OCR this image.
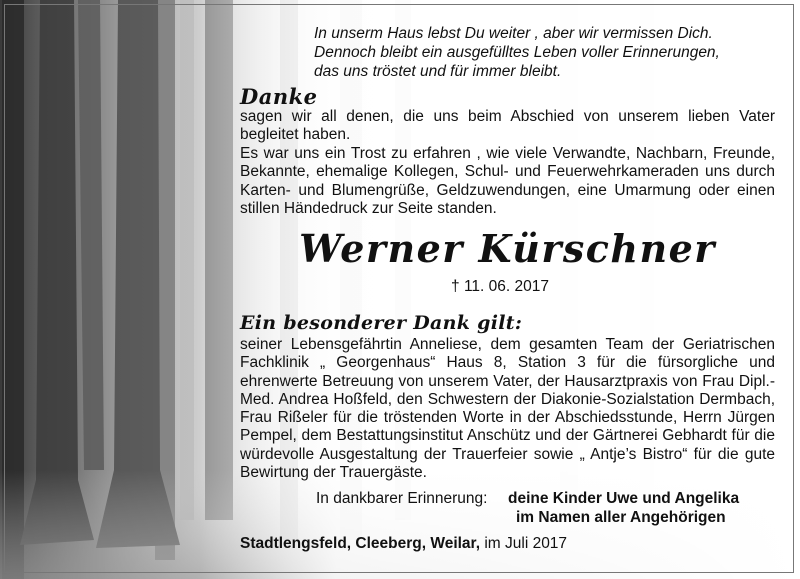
In unserm Haus lebst Du weiter , aber wir vermissen Dich.
Dennoch bleibt ein ausgefülltes Leben voller Erinnerungen,
das uns tröstet und für immer bleibt.
Danke

sagen wir all denen, die uns beim Abschied von unserem lieben Vater begleitet haben.

Es war uns ein Trost zu erfahren , wie viele Verwandte, Nachbarn, Freunde, Bekannte, ehemalige Kollegen, Schul- und Feuerwehrkameraden uns durch Karten- und Blumengrüße, Geldzuwendungen, eine Umarmung oder einen stillen Händedruck zur Seite standen.

Werner Kürschner
† 11. 06. 2017
Ein besonderer Dank gilt:

seiner Lebensgefährtin Anneliese, dem gesamten Team der Geriatrischen Fachklinik „ Georgenhaus“ Haus 8, Station 3 für die fürsorgliche und ehrenwerte Betreuung von unserem Vater, der Hausarztpraxis von Frau Dipl.-Med. Andrea Hoßfeld, den Schwestern der Diakonie-Sozialstation Dermbach, Frau Rißeler für die tröstenden Worte in der Abschiedsstunde, Herrn Jürgen Pempel, dem Bestattungsinstitut Anschütz und der Gärtnerei Gebhardt für die würdevolle Ausgestaltung der Trauerfeier sowie „ Antje’s Bistro“ für die gute Bewirtung der Trauergäste.

In dankbarer Erinnerung: deine Kinder Uwe und Angelika
im Namen aller Angehörigen
Stadtlengsfeld, Cleeberg, Weilar, im Juli 2017
